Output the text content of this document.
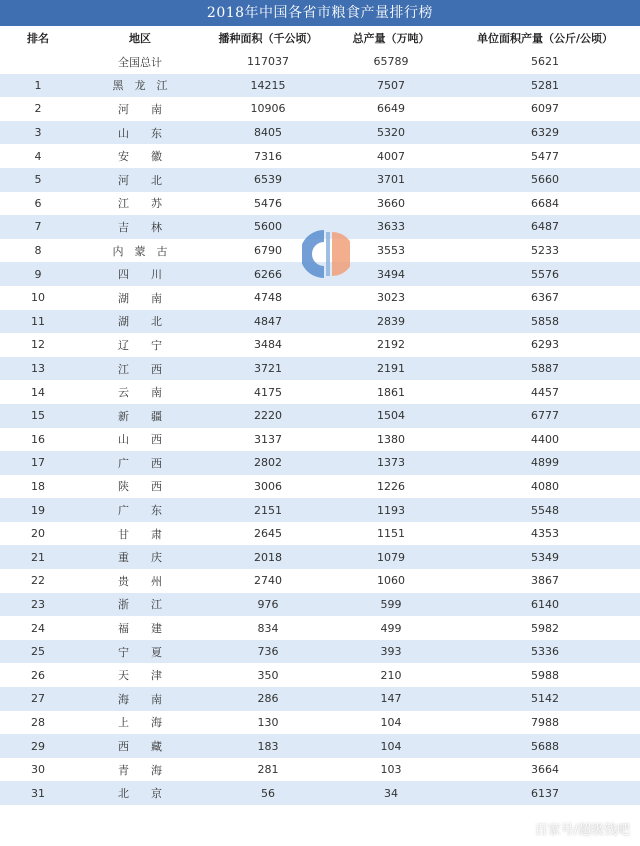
2018年中国各省市粮食产量排行榜
排名	地区	播种面积（千公顷）	总产量（万吨）	单位面积产量（公斤/公顷）
	全国总计	117037	65789	5621
1	黑　龙　江	14215	7507	5281
2	河　　南	10906	6649	6097
3	山　　东	8405	5320	6329
4	安　　徽	7316	4007	5477
5	河　　北	6539	3701	5660
6	江　　苏	5476	3660	6684
7	吉　　林	5600	3633	6487
8	内　蒙　古	6790	3553	5233
9	四　　川	6266	3494	5576
10	湖　　南	4748	3023	6367
11	湖　　北	4847	2839	5858
12	辽　　宁	3484	2192	6293
13	江　　西	3721	2191	5887
14	云　　南	4175	1861	4457
15	新　　疆	2220	1504	6777
16	山　　西	3137	1380	4400
17	广　　西	2802	1373	4899
18	陕　　西	3006	1226	4080
19	广　　东	2151	1193	5548
20	甘　　肃	2645	1151	4353
21	重　　庆	2018	1079	5349
22	贵　　州	2740	1060	3867
23	浙　　江	976	599	6140
24	福　　建	834	499	5982
25	宁　　夏	736	393	5336
26	天　　津	350	210	5988
27	海　　南	286	147	5142
28	上　　海	130	104	7988
29	西　　藏	183	104	5688
30	青　　海	281	103	3664
31	北　　京	56	34	6137
百家号/超级钱吧
